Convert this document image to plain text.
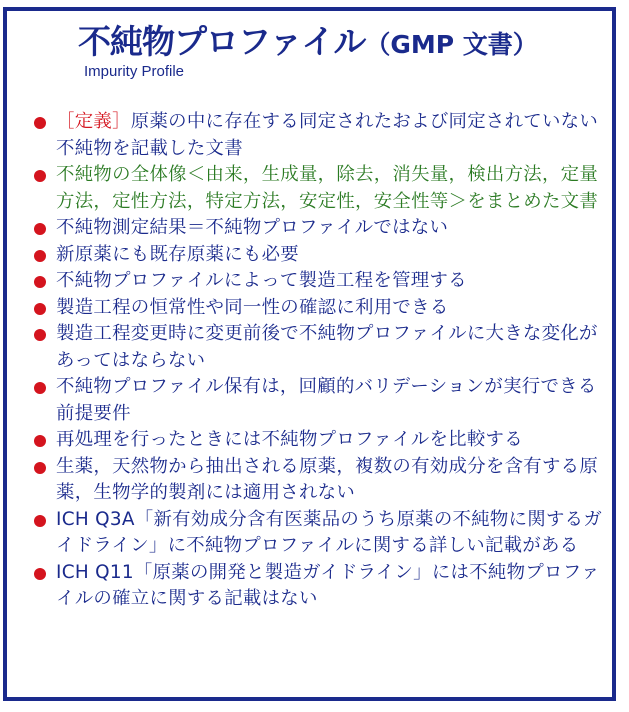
不純物プロファイル（GMP 文書）
Impurity Profile
［定義］原薬の中に存在する同定されたおよび同定されていない不純物を記載した文書
不純物の全体像＜由来，生成量，除去，消失量，検出方法，定量方法，定性方法，特定方法，安定性，安全性等＞をまとめた文書
不純物測定結果＝不純物プロファイルではない
新原薬にも既存原薬にも必要
不純物プロファイルによって製造工程を管理する
製造工程の恒常性や同一性の確認に利用できる
製造工程変更時に変更前後で不純物プロファイルに大きな変化があってはならない
不純物プロファイル保有は，回顧的バリデーションが実行できる前提要件
再処理を行ったときには不純物プロファイルを比較する
生薬，天然物から抽出される原薬，複数の有効成分を含有する原薬，生物学的製剤には適用されない
ICH Q3A「新有効成分含有医薬品のうち原薬の不純物に関するガイドライン」に不純物プロファイルに関する詳しい記載がある
ICH Q11「原薬の開発と製造ガイドライン」には不純物プロファイルの確立に関する記載はない
